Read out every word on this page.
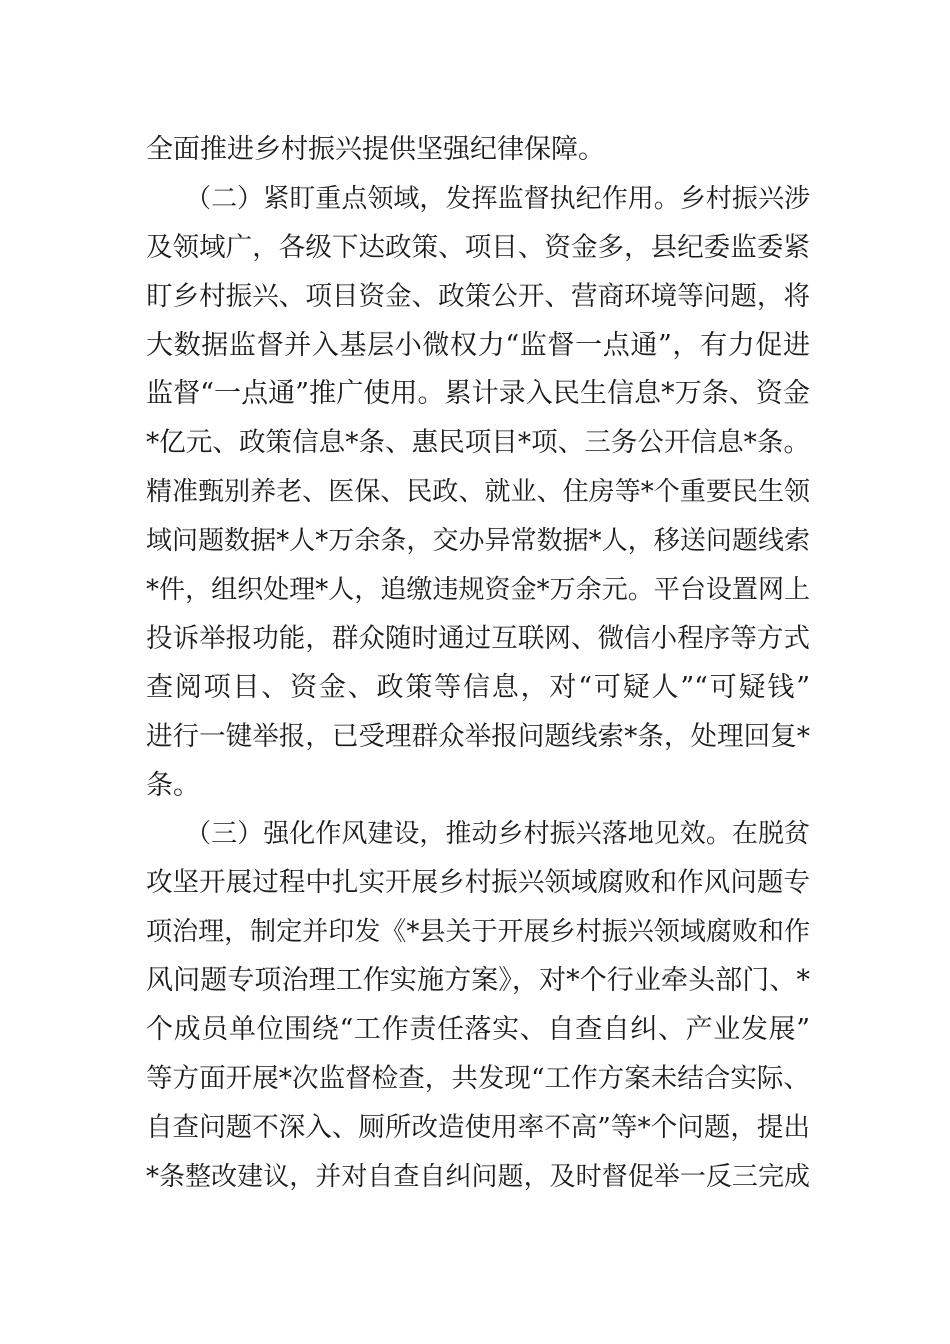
全面推进乡村振兴提供坚强纪律保障。
　　（二）紧盯重点领域，发挥监督执纪作用。乡村振兴涉
及领域广，各级下达政策、项目、资金多，县纪委监委紧
盯乡村振兴、项目资金、政策公开、营商环境等问题，将
大数据监督并入基层小微权力“监督一点通”，有力促进
监督“一点通”推广使用。累计录入民生信息*万条、资金
*亿元、政策信息*条、惠民项目*项、三务公开信息*条。
精准甄别养老、医保、民政、就业、住房等*个重要民生领
域问题数据*人*万余条，交办异常数据*人，移送问题线索
*件，组织处理*人，追缴违规资金*万余元。平台设置网上
投诉举报功能，群众随时通过互联网、微信小程序等方式
查阅项目、资金、政策等信息，对“可疑人”“可疑钱”
进行一键举报，已受理群众举报问题线索*条，处理回复*
条。
　　（三）强化作风建设，推动乡村振兴落地见效。在脱贫
攻坚开展过程中扎实开展乡村振兴领域腐败和作风问题专
项治理，制定并印发《*县关于开展乡村振兴领域腐败和作
风问题专项治理工作实施方案》，对*个行业牵头部门、*
个成员单位围绕“工作责任落实、自查自纠、产业发展”
等方面开展*次监督检查，共发现“工作方案未结合实际、
自查问题不深入、厕所改造使用率不高”等*个问题，提出
*条整改建议，并对自查自纠问题，及时督促举一反三完成
